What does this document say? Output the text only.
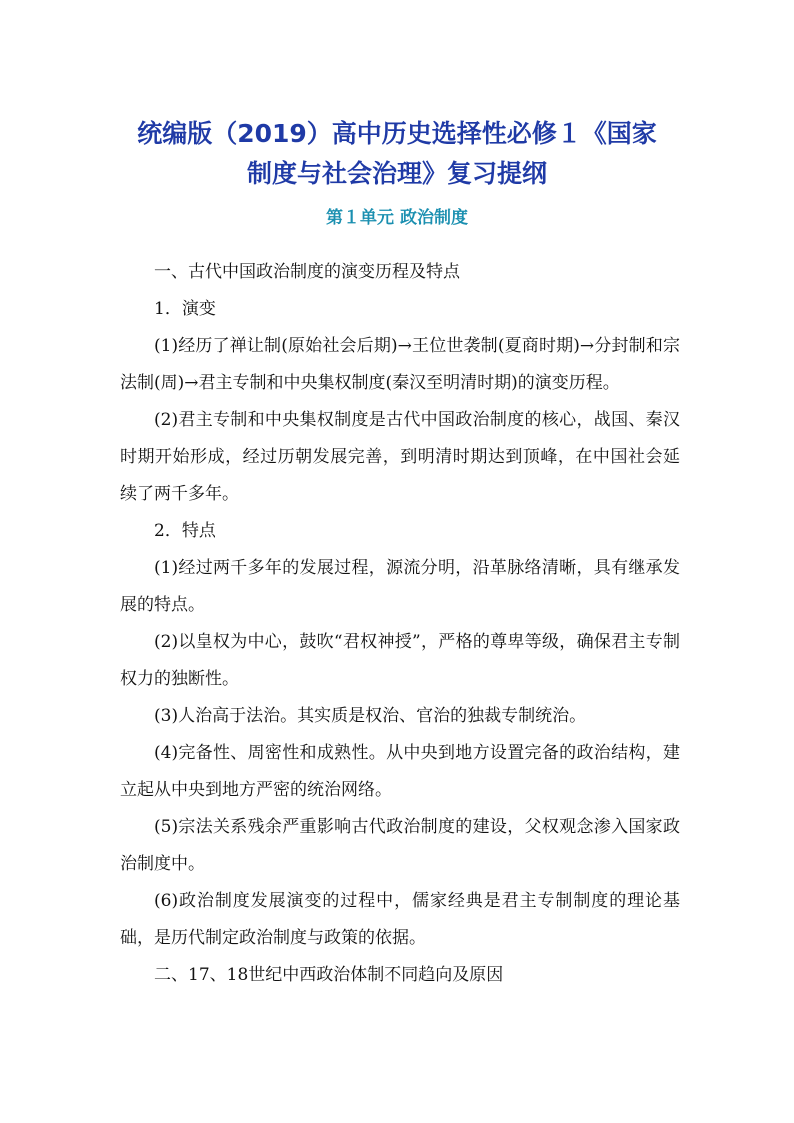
统编版（2019）高中历史选择性必修１《国家
制度与社会治理》复习提纲
第１单元 政治制度

一、古代中国政治制度的演变历程及特点

1．演变

(1)经历了禅让制(原始社会后期)→王位世袭制(夏商时期)→分封制和宗法制(周)→君主专制和中央集权制度(秦汉至明清时期)的演变历程。

(2)君主专制和中央集权制度是古代中国政治制度的核心，战国、秦汉时期开始形成，经过历朝发展完善，到明清时期达到顶峰，在中国社会延续了两千多年。

2．特点

(1)经过两千多年的发展过程，源流分明，沿革脉络清晰，具有继承发展的特点。

(2)以皇权为中心，鼓吹“君权神授”，严格的尊卑等级，确保君主专制权力的独断性。

(3)人治高于法治。其实质是权治、官治的独裁专制统治。

(4)完备性、周密性和成熟性。从中央到地方设置完备的政治结构，建立起从中央到地方严密的统治网络。

(5)宗法关系残余严重影响古代政治制度的建设，父权观念渗入国家政治制度中。

(6)政治制度发展演变的过程中，儒家经典是君主专制制度的理论基础，是历代制定政治制度与政策的依据。

二、17、18世纪中西政治体制不同趋向及原因
